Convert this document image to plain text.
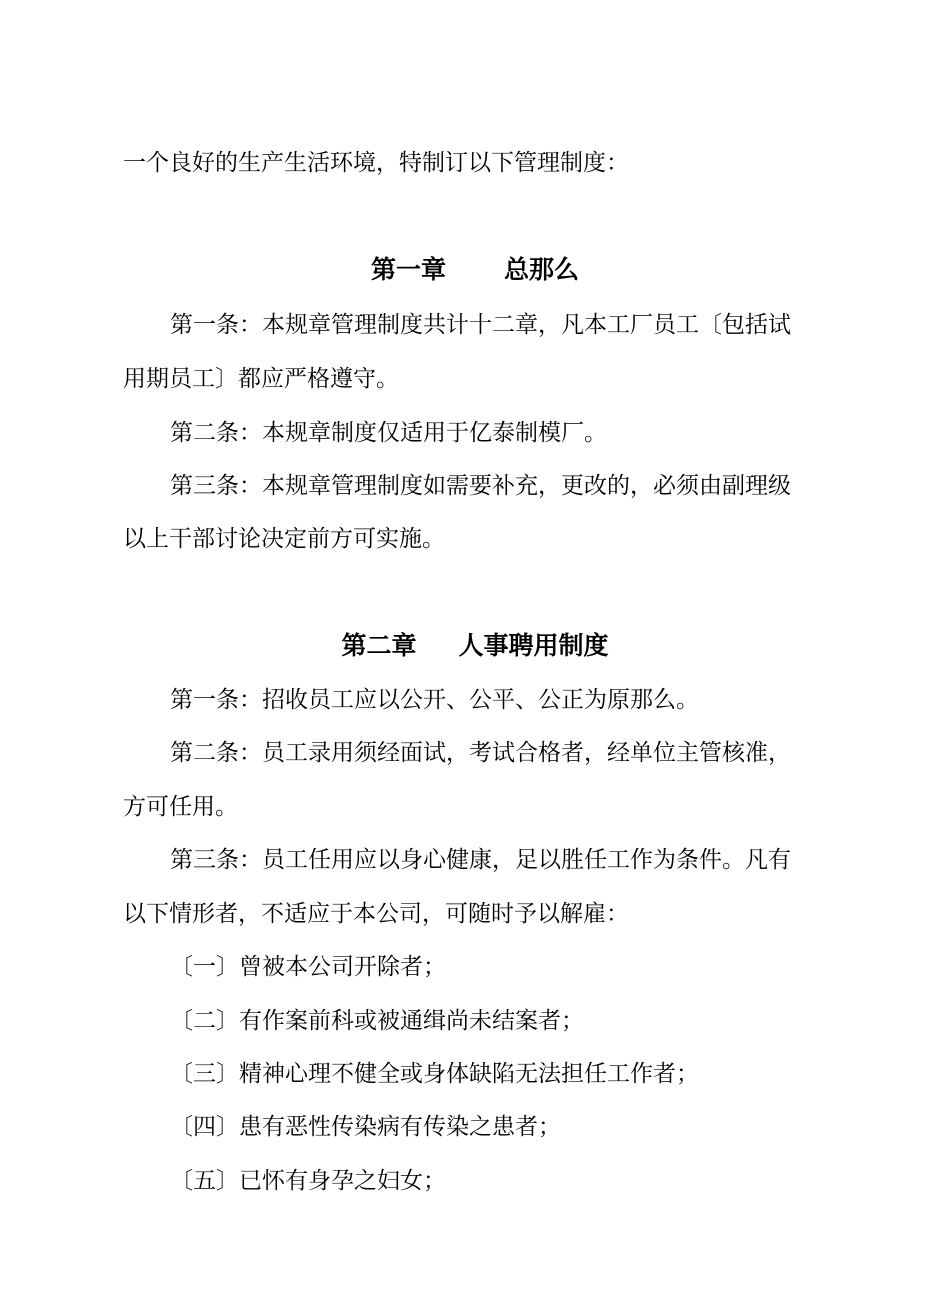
一个良好的生产生活环境，特制订以下管理制度：

第一章 总那么

第一条：本规章管理制度共计十二章，凡本工厂员工〔包括试

用期员工〕都应严格遵守。

第二条：本规章制度仅适用于亿泰制模厂。

第三条：本规章管理制度如需要补充，更改的，必须由副理级

以上干部讨论决定前方可实施。

第二章 人事聘用制度

第一条：招收员工应以公开、公平、公正为原那么。

第二条：员工录用须经面试，考试合格者，经单位主管核准，

方可任用。

第三条：员工任用应以身心健康，足以胜任工作为条件。凡有

以下情形者，不适应于本公司，可随时予以解雇：

〔一〕曾被本公司开除者；

〔二〕有作案前科或被通缉尚未结案者；

〔三〕精神心理不健全或身体缺陷无法担任工作者；

〔四〕患有恶性传染病有传染之患者；

〔五〕已怀有身孕之妇女；
